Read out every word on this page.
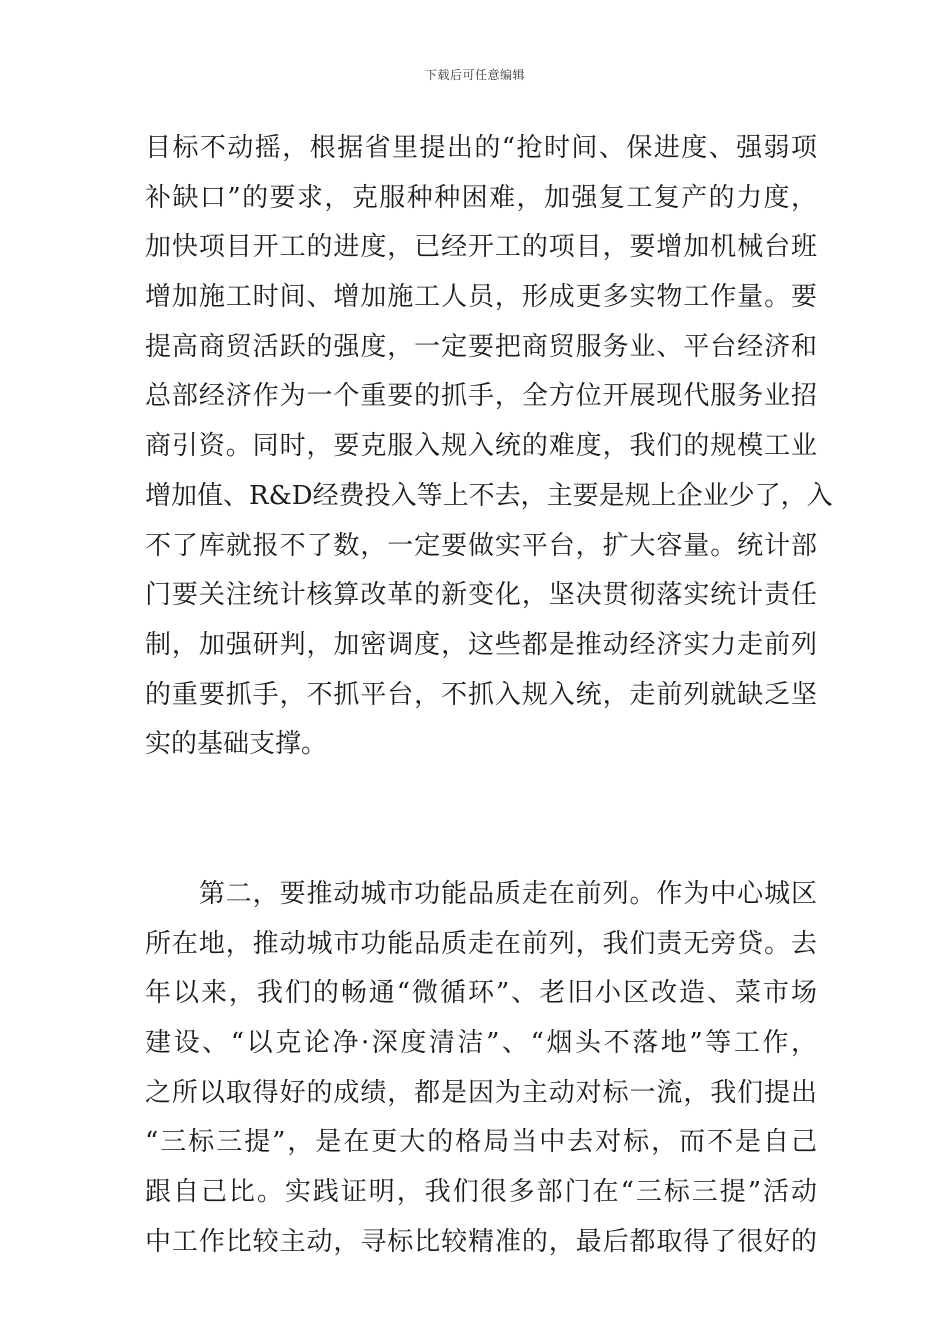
下载后可任意编辑
目标不动摇，根据省里提出的“抢时间、保进度、强弱项
补缺口”的要求，克服种种困难，加强复工复产的力度，
加快项目开工的进度，已经开工的项目，要增加机械台班
增加施工时间、增加施工人员，形成更多实物工作量。要
提高商贸活跃的强度，一定要把商贸服务业、平台经济和
总部经济作为一个重要的抓手，全方位开展现代服务业招
商引资。同时，要克服入规入统的难度，我们的规模工业
增加值、R&D经费投入等上不去，主要是规上企业少了，入
不了库就报不了数，一定要做实平台，扩大容量。统计部
门要关注统计核算改革的新变化，坚决贯彻落实统计责任
制，加强研判，加密调度，这些都是推动经济实力走前列
的重要抓手，不抓平台，不抓入规入统，走前列就缺乏坚
实的基础支撑。
　　第二，要推动城市功能品质走在前列。作为中心城区
所在地，推动城市功能品质走在前列，我们责无旁贷。去
年以来，我们的畅通“微循环”、老旧小区改造、菜市场
建设、“以克论净·深度清洁”、“烟头不落地”等工作，
之所以取得好的成绩，都是因为主动对标一流，我们提出
“三标三提”，是在更大的格局当中去对标，而不是自己
跟自己比。实践证明，我们很多部门在“三标三提”活动
中工作比较主动，寻标比较精准的，最后都取得了很好的
